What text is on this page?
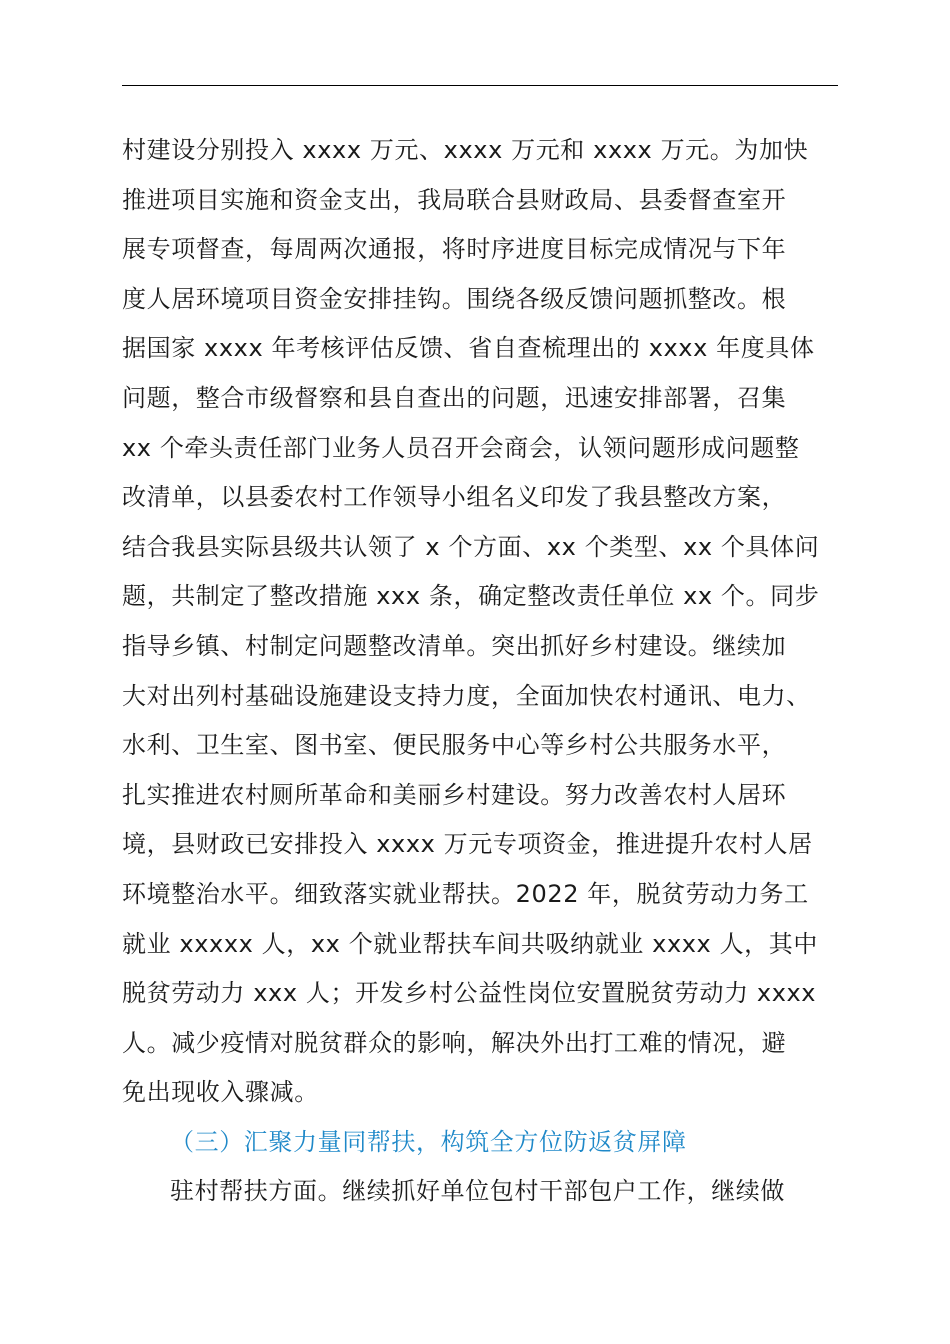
村建设分别投入 xxxx 万元、xxxx 万元和 xxxx 万元。为加快
推进项目实施和资金支出，我局联合县财政局、县委督查室开
展专项督查，每周两次通报，将时序进度目标完成情况与下年
度人居环境项目资金安排挂钩。围绕各级反馈问题抓整改。根
据国家 xxxx 年考核评估反馈、省自查梳理出的 xxxx 年度具体
问题，整合市级督察和县自查出的问题，迅速安排部署，召集
xx 个牵头责任部门业务人员召开会商会，认领问题形成问题整
改清单，以县委农村工作领导小组名义印发了我县整改方案，
结合我县实际县级共认领了 x 个方面、xx 个类型、xx 个具体问
题，共制定了整改措施 xxx 条，确定整改责任单位 xx 个。同步
指导乡镇、村制定问题整改清单。突出抓好乡村建设。继续加
大对出列村基础设施建设支持力度，全面加快农村通讯、电力、
水利、卫生室、图书室、便民服务中心等乡村公共服务水平，
扎实推进农村厕所革命和美丽乡村建设。努力改善农村人居环
境，县财政已安排投入 xxxx 万元专项资金，推进提升农村人居
环境整治水平。细致落实就业帮扶。2022 年，脱贫劳动力务工
就业 xxxxx 人，xx 个就业帮扶车间共吸纳就业 xxxx 人，其中
脱贫劳动力 xxx 人；开发乡村公益性岗位安置脱贫劳动力 xxxx
人。减少疫情对脱贫群众的影响，解决外出打工难的情况，避
免出现收入骤减。
（三）汇聚力量同帮扶，构筑全方位防返贫屏障
驻村帮扶方面。继续抓好单位包村干部包户工作，继续做
